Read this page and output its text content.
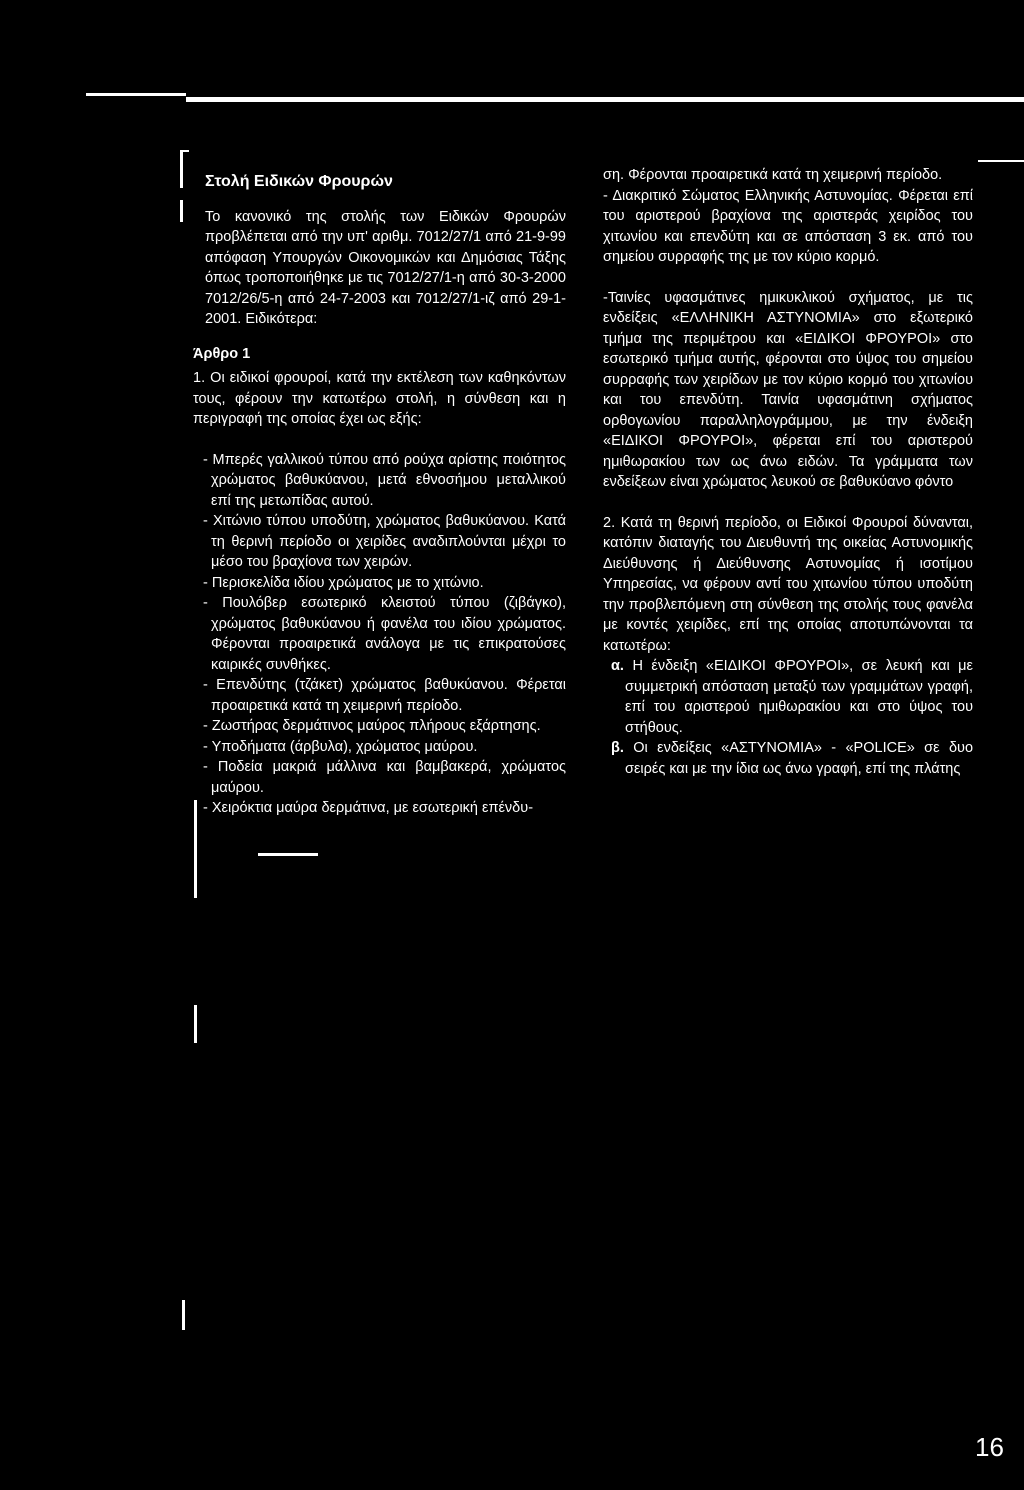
Στολή Ειδικών Φρουρών

Το κανονικό της στολής των Ειδικών Φρουρών προβλέπεται από την υπ' αριθμ. 7012/27/1 από 21-9-99 απόφαση Υπουργών Οικονομικών και Δημόσιας Τάξης όπως τροποποιήθηκε με τις 7012/27/1-η από 30-3-2000 7012/26/5-η από 24-7-2003 και 7012/27/1-ιζ από 29-1-2001. Ειδικότερα:

Άρθρο 1

1. Οι ειδικοί φρουροί, κατά την εκτέλεση των καθηκόντων τους, φέρουν την κατωτέρω στολή, η σύνθεση και η περιγραφή της οποίας έχει ως εξής:

- Μπερές γαλλικού τύπου από ρούχα αρίστης ποιότητος χρώματος βαθυκύανου, μετά εθνοσήμου μεταλλικού επί της μετωπίδας αυτού.

- Χιτώνιο τύπου υποδύτη, χρώματος βαθυκύανου. Κατά τη θερινή περίοδο οι χειρίδες αναδιπλούνται μέχρι το μέσο του βραχίονα των χειρών.

- Περισκελίδα ιδίου χρώματος με το χιτώνιο.

- Πουλόβερ εσωτερικό κλειστού τύπου (ζιβάγκο), χρώματος βαθυκύανου ή φανέλα του ιδίου χρώματος. Φέρονται προαιρετικά ανάλογα με τις επικρατούσες καιρικές συνθήκες.

- Επενδύτης (τζάκετ) χρώματος βαθυκύανου. Φέρεται προαιρετικά κατά τη χειμερινή περίοδο.

- Ζωστήρας δερμάτινος μαύρος πλήρους εξάρτησης.

- Υποδήματα (άρβυλα), χρώματος μαύρου.

- Ποδεία μακριά μάλλινα και βαμβακερά, χρώματος μαύρου.

- Χειρόκτια μαύρα δερμάτινα, με εσωτερική επένδυ-

ση. Φέρονται προαιρετικά κατά τη χειμερινή περίοδο.

- Διακριτικό Σώματος Ελληνικής Αστυνομίας. Φέρεται επί του αριστερού βραχίονα της αριστεράς χειρίδος του χιτωνίου και επενδύτη και σε απόσταση 3 εκ. από του σημείου συρραφής της με τον κύριο κορμό.

-Ταινίες υφασμάτινες ημικυκλικού σχήματος, με τις ενδείξεις «ΕΛΛΗΝΙΚΗ ΑΣΤΥΝΟΜΙΑ» στο εξωτερικό τμήμα της περιμέτρου και «ΕΙΔΙΚΟΙ ΦΡΟΥΡΟΙ» στο εσωτερικό τμήμα αυτής, φέρονται στο ύψος του σημείου συρραφής των χειρίδων με τον κύριο κορμό του χιτωνίου και του επενδύτη. Ταινία υφασμάτινη σχήματος ορθογωνίου παραλληλογράμμου, με την ένδειξη «ΕΙΔΙΚΟΙ ΦΡΟΥΡΟΙ», φέρεται επί του αριστερού ημιθωρακίου των ως άνω ειδών. Τα γράμματα των ενδείξεων είναι χρώματος λευκού σε βαθυκύανο φόντο

2. Κατά τη θερινή περίοδο, οι Ειδικοί Φρουροί δύνανται, κατόπιν διαταγής του Διευθυντή της οικείας Αστυνομικής Διεύθυνσης ή Διεύθυνσης Αστυνομίας ή ισοτίμου Υπηρεσίας, να φέρουν αντί του χιτωνίου τύπου υποδύτη την προβλεπόμενη στη σύνθεση της στολής τους φανέλα με κοντές χειρίδες, επί της οποίας αποτυπώνονται τα κατωτέρω:

α. Η ένδειξη «ΕΙΔΙΚΟΙ ΦΡΟΥΡΟΙ», σε λευκή και με συμμετρική απόσταση μεταξύ των γραμμάτων γραφή, επί του αριστερού ημιθωρακίου και στο ύψος του στήθους.

β. Οι ενδείξεις «ΑΣΤΥΝΟΜΙΑ» - «POLICE» σε δυο σειρές και με την ίδια ως άνω γραφή, επί της πλάτης

16
